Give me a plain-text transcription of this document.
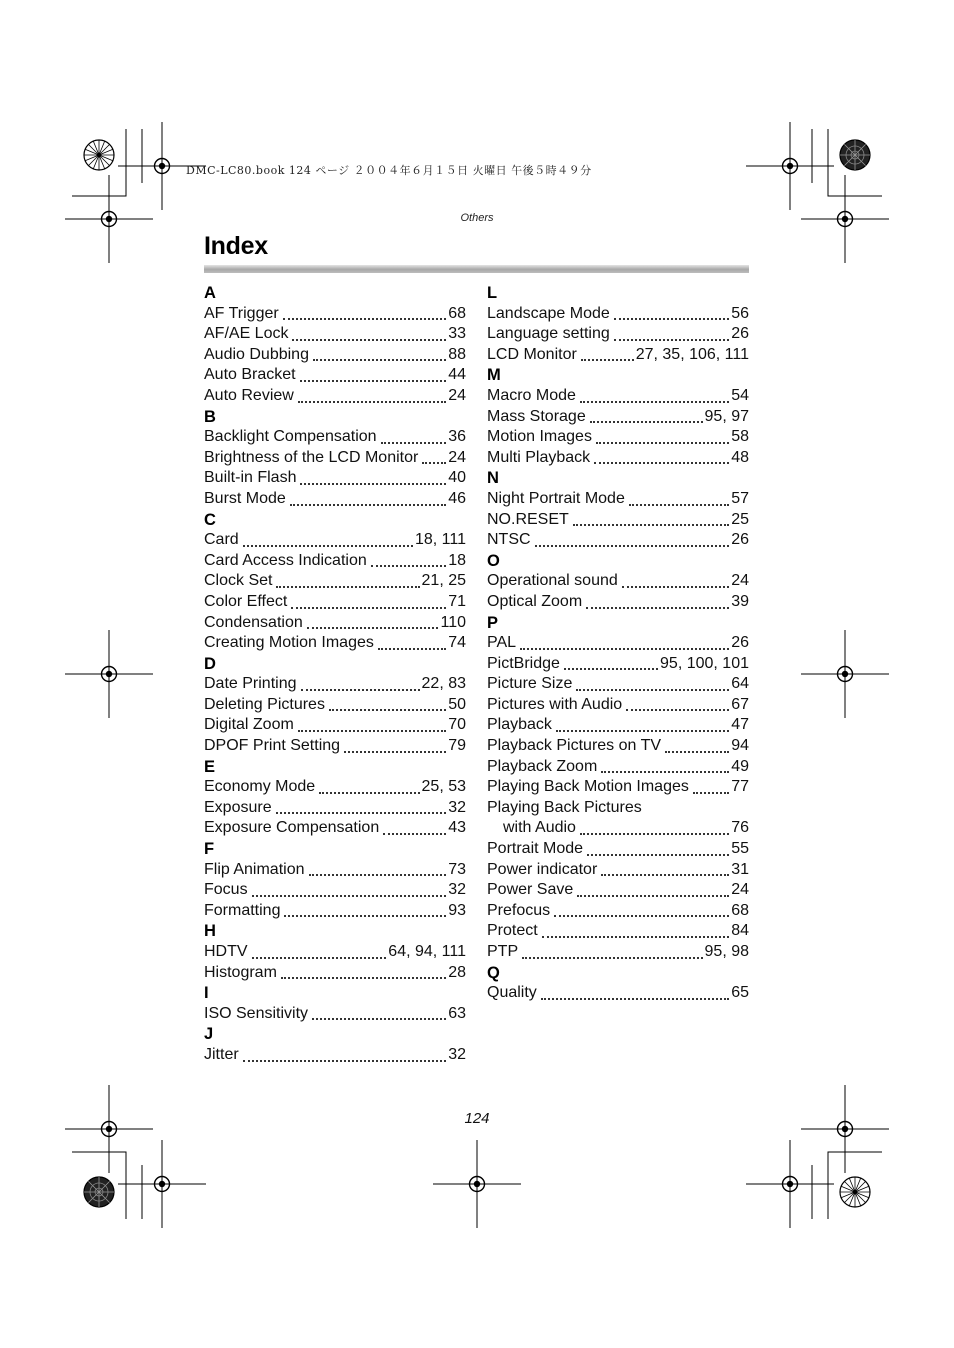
DMC-LC80.book 124 ページ ２００４年６月１５日 火曜日 午後５時４９分
Others
Index
A
AF Trigger	68
AF/AE Lock	33
Audio Dubbing	88
Auto Bracket	44
Auto Review	24
B
Backlight Compensation	36
Brightness of the LCD Monitor 24
Built-in Flash	40
Burst Mode	46
C
Card	18, 111
Card Access Indication	18
Clock Set	21, 25
Color Effect	71
Condensation	110
Creating Motion Images	74
D
Date Printing	22, 83
Deleting Pictures	50
Digital Zoom	70
DPOF Print Setting	79
E
Economy Mode	25, 53
Exposure	32
Exposure Compensation	43
F
Flip Animation	73
Focus	32
Formatting	93
H
HDTV	64, 94, 111
Histogram	28
I
ISO Sensitivity	63
J
Jitter	32
L
Landscape Mode	56
Language setting	26
LCD Monitor	27, 35, 106, 111
M
Macro Mode	54
Mass Storage	95, 97
Motion Images	58
Multi Playback	48
N
Night Portrait Mode	57
NO.RESET	25
NTSC	26
O
Operational sound	24
Optical Zoom	39
P
PAL	26
PictBridge	95, 100, 101
Picture Size	64
Pictures with Audio	67
Playback	47
Playback Pictures on TV	94
Playback Zoom	49
Playing Back Motion Images	77
Playing Back Pictures
with Audio	76
Portrait Mode	55
Power indicator	31
Power Save	24
Prefocus	68
Protect	84
PTP	95, 98
Q
Quality	65
124
